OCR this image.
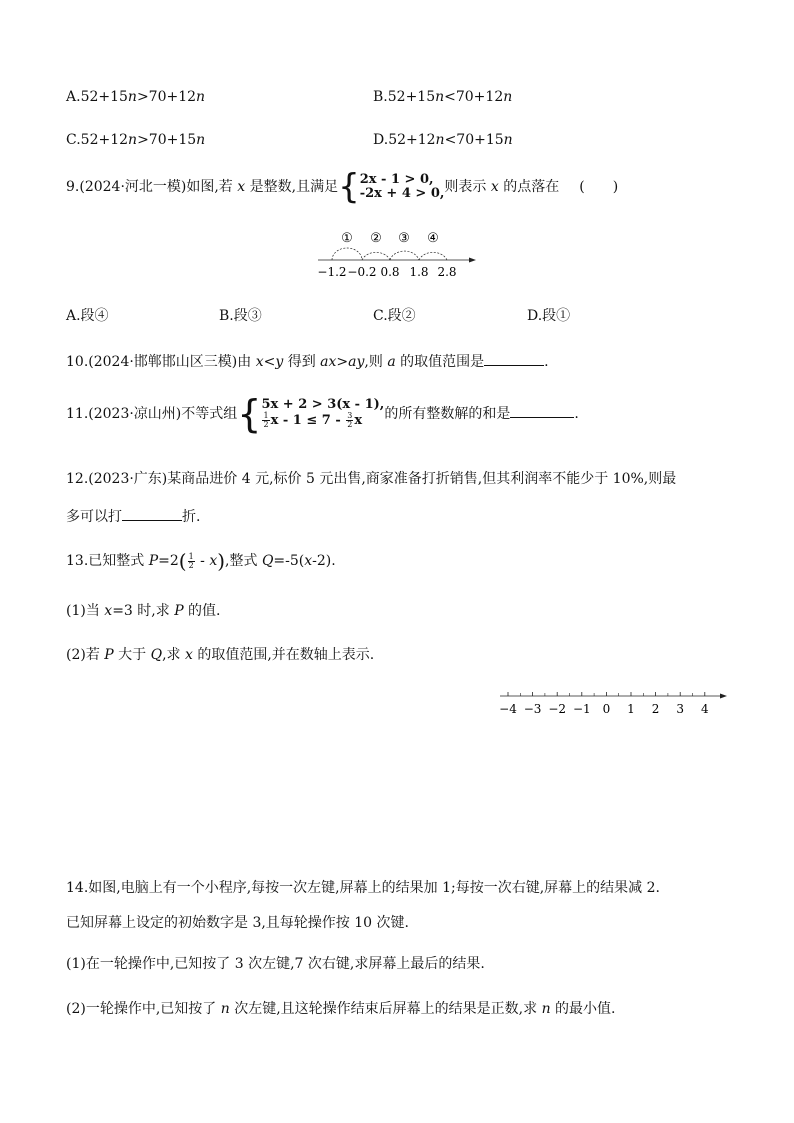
A.52+15n>70+12n	B.52+15n<70+12n
C.52+12n>70+15n	D.52+12n<70+15n
9.(2024·河北一模)如图,若 x 是整数,且满足 { 2x - 1 > 0,
-2x + 4 > 0, 则表示 x 的点落在 (　　)
① ② ③ ④
−1.2 −0.2 0.8 1.8 2.8
A.段④	B.段③	C.段②	D.段①
10.(2024·邯郸邯山区三模)由 x<y 得到 ax>ay,则 a 的取值范围是	.
11.(2023·凉山州)不等式组 { 5x + 2 > 3(x - 1),
$\frac{1}{2}$ $x - 1 \le 7 - \frac{3}{2}$ x	的所有整数解的和是	.
12.(2023·广东)某商品进价 4 元,标价 5 元出售,商家准备打折销售,但其利润率不能少于 10%,则最
多可以打	折.
13.已知整式 $P=2( \frac{1}{2} - x)$,整式 Q=-5(x-2).
(1)当 x=3 时,求 P 的值.
(2)若 P 大于 Q,求 x 的取值范围,并在数轴上表示.
−4 −3 −2 −1 0 1 2 3 4
14.如图,电脑上有一个小程序,每按一次左键,屏幕上的结果加 1;每按一次右键,屏幕上的结果减 2.
已知屏幕上设定的初始数字是 3,且每轮操作按 10 次键.
(1)在一轮操作中,已知按了 3 次左键,7 次右键,求屏幕上最后的结果.
(2)一轮操作中,已知按了 n 次左键,且这轮操作结束后屏幕上的结果是正数,求 n 的最小值.
